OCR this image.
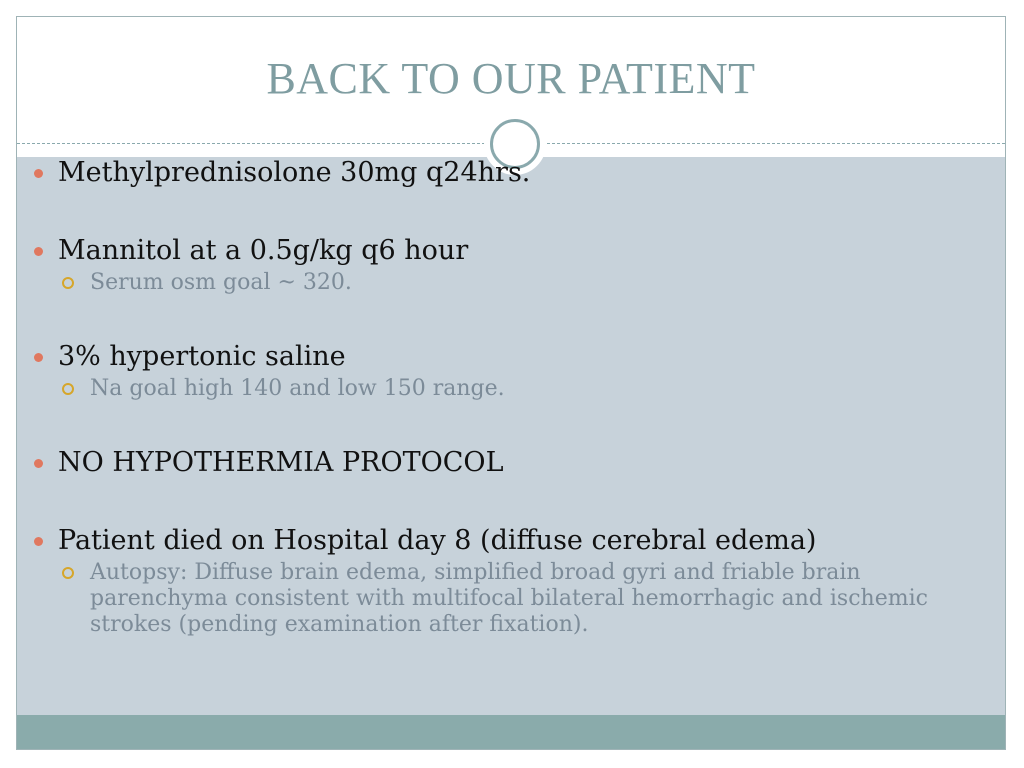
BACK TO OUR PATIENT
Methylprednisolone 30mg q24hrs.
Mannitol at a 0.5g/kg q6 hour
Serum osm goal ~ 320.
3% hypertonic saline
Na goal high 140 and low 150 range.
NO HYPOTHERMIA PROTOCOL
Patient died on Hospital day 8 (diffuse cerebral edema)
Autopsy: Diffuse brain edema, simplified broad gyri and friable brain parenchyma consistent with multifocal bilateral hemorrhagic and ischemic strokes (pending examination after fixation).
